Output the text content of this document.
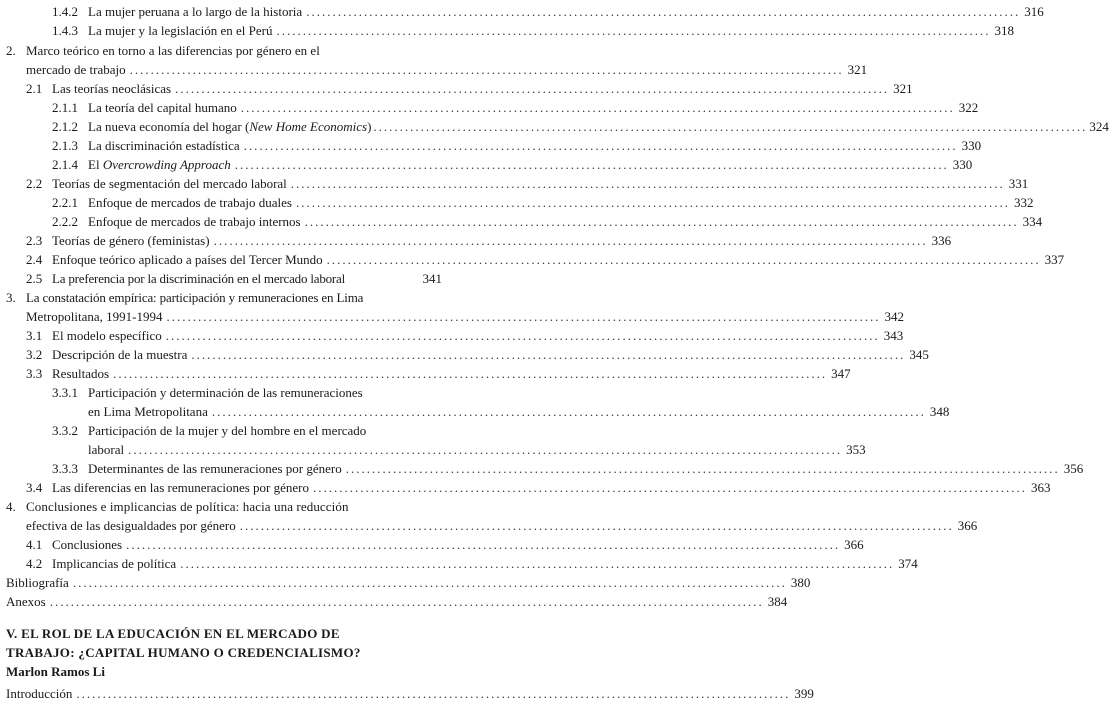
1.4.2 La mujer peruana a lo largo de la historia .....	316
1.4.3 La mujer y la legislación en el Perú .....	318
2. Marco teórico en torno a las diferencias por género en el
mercado de trabajo .....	321
2.1 Las teorías neoclásicas .....	321
2.1.1 La teoría del capital humano .....	322
2.1.2 La nueva economía del hogar (New Home Economics) .....	324
2.1.3 La discriminación estadística .....	330
2.1.4 El Overcrowding Approach .....	330
2.2 Teorías de segmentación del mercado laboral .....	331
2.2.1 Enfoque de mercados de trabajo duales .....	332
2.2.2 Enfoque de mercados de trabajo internos .....	334
2.3 Teorías de género (feministas) .....	336
2.4 Enfoque teórico aplicado a países del Tercer Mundo .....	337
2.5 La preferencia por la discriminación en el mercado laboral	341
3. La constatación empírica: participación y remuneraciones en Lima
Metropolitana, 1991-1994 .....	342
3.1 El modelo específico .....	343
3.2 Descripción de la muestra .....	345
3.3 Resultados .....	347
3.3.1 Participación y determinación de las remuneraciones
en Lima Metropolitana .....	348
3.3.2 Participación de la mujer y del hombre en el mercado
laboral .....	353
3.3.3 Determinantes de las remuneraciones por género .....	356
3.4 Las diferencias en las remuneraciones por género .....	363
4. Conclusiones e implicancias de política: hacia una reducción
efectiva de las desigualdades por género .....	366
4.1 Conclusiones .....	366
4.2 Implicancias de política .....	374
Bibliografía .....	380
Anexos .....	384
V. EL ROL DE LA EDUCACIÓN EN EL MERCADO DE
TRABAJO: ¿CAPITAL HUMANO O CREDENCIALISMO?
Marlon Ramos Li
Introducción .....	399
